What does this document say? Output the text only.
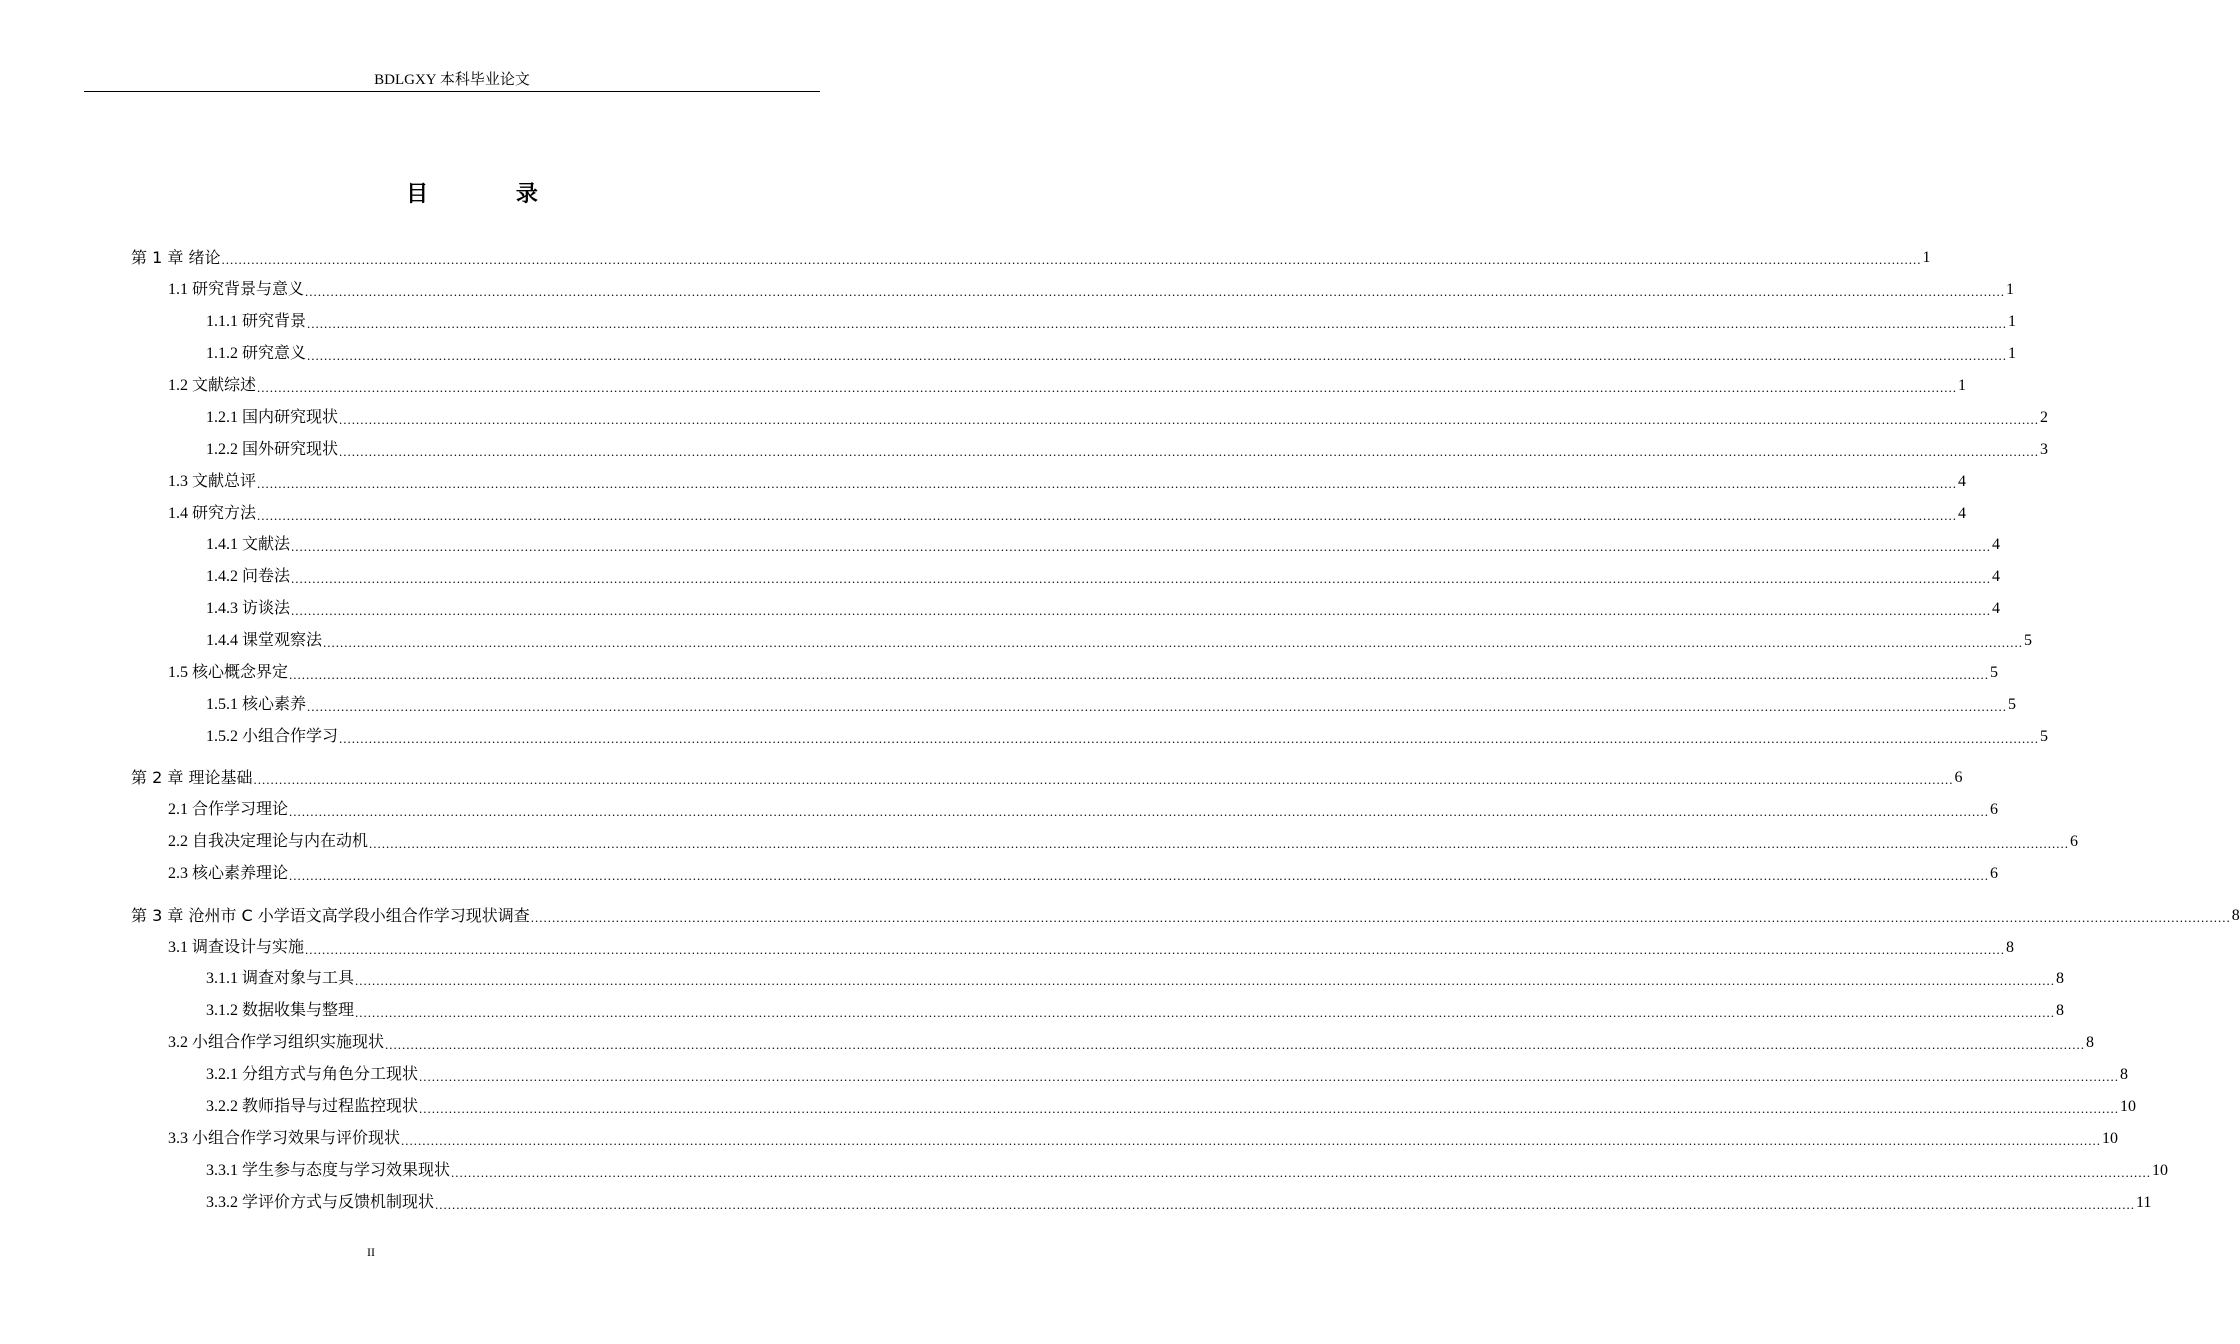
BDLGXY 本科毕业论文
目 录
第 1 章 绪论 ................................................................................................................................................................................................................................................................................................................................................................................................................ 1
1.1 研究背景与意义 ................................................................................................................................................................................................................................................................................................................................................................................................................ 1
1.1.1 研究背景 ................................................................................................................................................................................................................................................................................................................................................................................................................ 1
1.1.2 研究意义 ................................................................................................................................................................................................................................................................................................................................................................................................................ 1
1.2 文献综述 ................................................................................................................................................................................................................................................................................................................................................................................................................ 1
1.2.1 国内研究现状 ................................................................................................................................................................................................................................................................................................................................................................................................................ 2
1.2.2 国外研究现状 ................................................................................................................................................................................................................................................................................................................................................................................................................ 3
1.3 文献总评 ................................................................................................................................................................................................................................................................................................................................................................................................................ 4
1.4 研究方法 ................................................................................................................................................................................................................................................................................................................................................................................................................ 4
1.4.1 文献法 ................................................................................................................................................................................................................................................................................................................................................................................................................ 4
1.4.2 问卷法 ................................................................................................................................................................................................................................................................................................................................................................................................................ 4
1.4.3 访谈法 ................................................................................................................................................................................................................................................................................................................................................................................................................ 4
1.4.4 课堂观察法 ................................................................................................................................................................................................................................................................................................................................................................................................................ 5
1.5 核心概念界定 ................................................................................................................................................................................................................................................................................................................................................................................................................ 5
1.5.1 核心素养 ................................................................................................................................................................................................................................................................................................................................................................................................................ 5
1.5.2 小组合作学习 ................................................................................................................................................................................................................................................................................................................................................................................................................ 5
第 2 章 理论基础 ................................................................................................................................................................................................................................................................................................................................................................................................................ 6
2.1 合作学习理论 ................................................................................................................................................................................................................................................................................................................................................................................................................ 6
2.2 自我决定理论与内在动机 ................................................................................................................................................................................................................................................................................................................................................................................................................ 6
2.3 核心素养理论 ................................................................................................................................................................................................................................................................................................................................................................................................................ 6
第 3 章 沧州市 C 小学语文高学段小组合作学习现状调查 ................................................................................................................................................................................................................................................................................................................................................................................................................ 8
3.1 调查设计与实施 ................................................................................................................................................................................................................................................................................................................................................................................................................ 8
3.1.1 调查对象与工具 ................................................................................................................................................................................................................................................................................................................................................................................................................ 8
3.1.2 数据收集与整理 ................................................................................................................................................................................................................................................................................................................................................................................................................ 8
3.2 小组合作学习组织实施现状 ................................................................................................................................................................................................................................................................................................................................................................................................................ 8
3.2.1 分组方式与角色分工现状 ................................................................................................................................................................................................................................................................................................................................................................................................................ 8
3.2.2 教师指导与过程监控现状 ................................................................................................................................................................................................................................................................................................................................................................................................................ 10
3.3 小组合作学习效果与评价现状 ................................................................................................................................................................................................................................................................................................................................................................................................................ 10
3.3.1 学生参与态度与学习效果现状 ................................................................................................................................................................................................................................................................................................................................................................................................................ 10
3.3.2 学评价方式与反馈机制现状 ................................................................................................................................................................................................................................................................................................................................................................................................................ 11
II
